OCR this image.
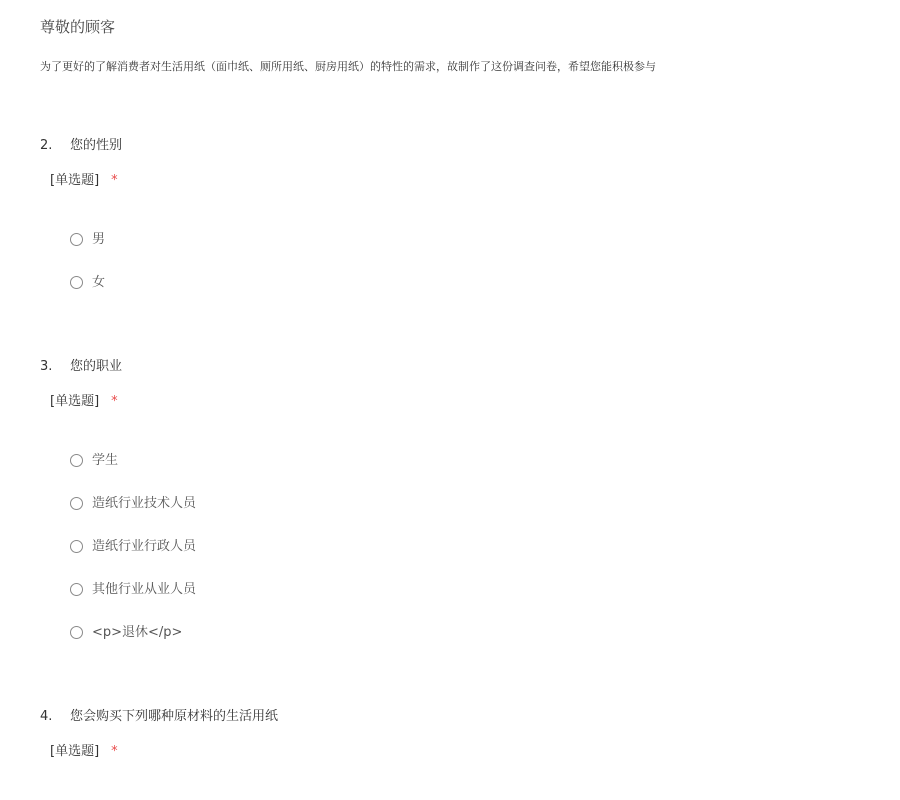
尊敬的顾客

为了更好的了解消费者对生活用纸（面巾纸、厕所用纸、厨房用纸）的特性的需求，故制作了这份调查问卷，希望您能积极参与

2. 您的性别
[单选题] *
男
女
3. 您的职业
[单选题] *
学生
造纸行业技术人员
造纸行业行政人员
其他行业从业人员
<p>退休</p>
4. 您会购买下列哪种原材料的生活用纸
[单选题] *
